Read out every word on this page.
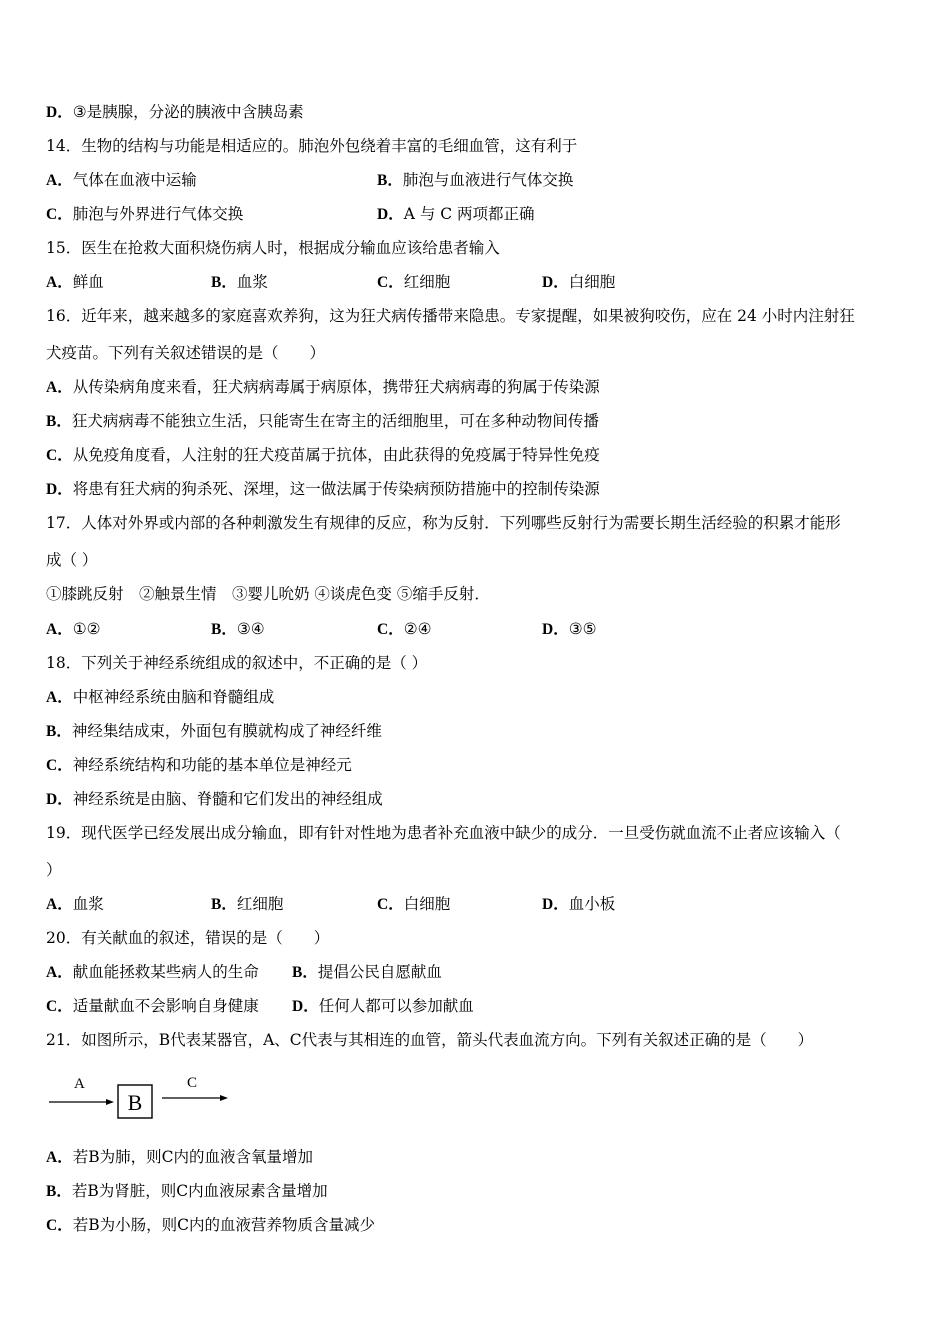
D．③是胰腺，分泌的胰液中含胰岛素
14．生物的结构与功能是相适应的。肺泡外包绕着丰富的毛细血管，这有利于
A．气体在血液中运输	B．肺泡与血液进行气体交换
C．肺泡与外界进行气体交换	D．A 与 C 两项都正确
15．医生在抢救大面积烧伤病人时，根据成分输血应该给患者输入
A．鲜血	B．血浆	C．红细胞	D．白细胞
16．近年来，越来越多的家庭喜欢养狗，这为狂犬病传播带来隐患。专家提醒，如果被狗咬伤，应在 24 小时内注射狂
犬疫苗。下列有关叙述错误的是（　　）
A．从传染病角度来看，狂犬病病毒属于病原体，携带狂犬病病毒的狗属于传染源
B．狂犬病病毒不能独立生活，只能寄生在寄主的活细胞里，可在多种动物间传播
C．从免疫角度看，人注射的狂犬疫苗属于抗体，由此获得的免疫属于特异性免疫
D．将患有狂犬病的狗杀死、深埋，这一做法属于传染病预防措施中的控制传染源
17．人体对外界或内部的各种刺激发生有规律的反应，称为反射．下列哪些反射行为需要长期生活经验的积累才能形
成（ ）
①膝跳反射　②触景生情　③婴儿吮奶 ④谈虎色变 ⑤缩手反射．
A．①②	B．③④	C．②④	D．③⑤
18．下列关于神经系统组成的叙述中，不正确的是（ ）
A．中枢神经系统由脑和脊髓组成
B．神经集结成束，外面包有膜就构成了神经纤维
C．神经系统结构和功能的基本单位是神经元
D．神经系统是由脑、脊髓和它们发出的神经组成
19．现代医学已经发展出成分输血，即有针对性地为患者补充血液中缺少的成分．一旦受伤就血流不止者应该输入（
）
A．血浆	B．红细胞	C．白细胞	D．血小板
20．有关献血的叙述，错误的是（　　）
A．献血能拯救某些病人的生命 B．提倡公民自愿献血
C．适量献血不会影响自身健康 D．任何人都可以参加献血
21．如图所示，B代表某器官，A、C代表与其相连的血管，箭头代表血流方向。下列有关叙述正确的是（　　）
A
B
C
A．若B为肺，则C内的血液含氧量增加
B．若B为肾脏，则C内血液尿素含量增加
C．若B为小肠，则C内的血液营养物质含量减少
